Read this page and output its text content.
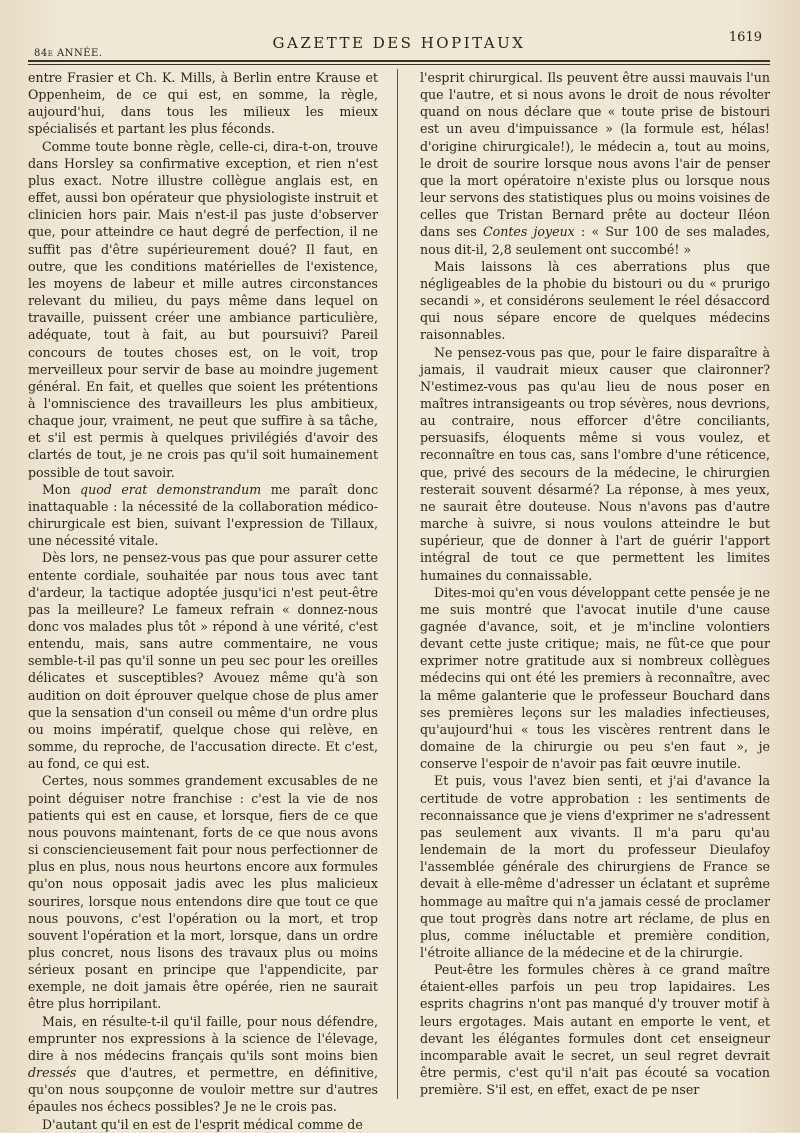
84e ANNÉE.
GAZETTE DES HOPITAUX	1619

entre Frasier et Ch. K. Mills, à Berlin entre Krause et Oppenheim, de ce qui est, en somme, la règle, aujourd'hui, dans tous les milieux les mieux spécialisés et partant les plus féconds.

Comme toute bonne règle, celle-ci, dira-t-on, trouve dans Horsley sa confirmative exception, et rien n'est plus exact. Notre illustre collègue anglais est, en effet, aussi bon opérateur que physiologiste instruit et clinicien hors pair. Mais n'est-il pas juste d'observer que, pour atteindre ce haut degré de perfection, il ne suffit pas d'être supérieurement doué? Il faut, en outre, que les conditions matérielles de l'existence, les moyens de labeur et mille autres circonstances relevant du milieu, du pays même dans lequel on travaille, puissent créer une ambiance particulière, adéquate, tout à fait, au but poursuivi? Pareil concours de toutes choses est, on le voit, trop merveilleux pour servir de base au moindre jugement général. En fait, et quelles que soient les prétentions à l'omniscience des travailleurs les plus ambitieux, chaque jour, vraiment, ne peut que suffire à sa tâche, et s'il est permis à quelques privilégiés d'avoir des clartés de tout, je ne crois pas qu'il soit humainement possible de tout savoir.

Mon quod erat demonstrandum me paraît donc inattaquable : la nécessité de la collaboration médico-chirurgicale est bien, suivant l'expression de Tillaux, une nécessité vitale.

Dès lors, ne pensez-vous pas que pour assurer cette entente cordiale, souhaitée par nous tous avec tant d'ardeur, la tactique adoptée jusqu'ici n'est peut-être pas la meilleure? Le fameux refrain « donnez-nous donc vos malades plus tôt » répond à une vérité, c'est entendu, mais, sans autre commentaire, ne vous semble-t-il pas qu'il sonne un peu sec pour les oreilles délicates et susceptibles? Avouez même qu'à son audition on doit éprouver quelque chose de plus amer que la sensation d'un conseil ou même d'un ordre plus ou moins impératif, quelque chose qui relève, en somme, du reproche, de l'accusation directe. Et c'est, au fond, ce qui est.

Certes, nous sommes grandement excusables de ne point déguiser notre franchise : c'est la vie de nos patients qui est en cause, et lorsque, fiers de ce que nous pouvons maintenant, forts de ce que nous avons si consciencieusement fait pour nous perfectionner de plus en plus, nous nous heurtons encore aux formules qu'on nous opposait jadis avec les plus malicieux sourires, lorsque nous entendons dire que tout ce que nous pouvons, c'est l'opération ou la mort, et trop souvent l'opération et la mort, lorsque, dans un ordre plus concret, nous lisons des travaux plus ou moins sérieux posant en principe que l'appendicite, par exemple, ne doit jamais être opérée, rien ne saurait être plus horripilant.

Mais, en résulte-t-il qu'il faille, pour nous défendre, emprunter nos expressions à la science de l'élevage, dire à nos médecins français qu'ils sont moins bien dressés que d'autres, et permettre, en définitive, qu'on nous soupçonne de vouloir mettre sur d'autres épaules nos échecs possibles? Je ne le crois pas.

D'autant qu'il en est de l'esprit médical comme de

l'esprit chirurgical. Ils peuvent être aussi mauvais l'un que l'autre, et si nous avons le droit de nous révolter quand on nous déclare que « toute prise de bistouri est un aveu d'impuissance » (la formule est, hélas! d'origine chirurgicale!), le médecin a, tout au moins, le droit de sourire lorsque nous avons l'air de penser que la mort opératoire n'existe plus ou lorsque nous leur servons des statistiques plus ou moins voisines de celles que Tristan Bernard prête au docteur Iléon dans ses Contes joyeux : « Sur 100 de ses malades, nous dit-il, 2,8 seulement ont succombé! »

Mais laissons là ces aberrations plus que négligeables de la phobie du bistouri ou du « prurigo secandi », et considérons seulement le réel désaccord qui nous sépare encore de quelques médecins raisonnables.

Ne pensez-vous pas que, pour le faire disparaître à jamais, il vaudrait mieux causer que claironner? N'estimez-vous pas qu'au lieu de nous poser en maîtres intransigeants ou trop sévères, nous devrions, au contraire, nous efforcer d'être conciliants, persuasifs, éloquents même si vous voulez, et reconnaître en tous cas, sans l'ombre d'une réticence, que, privé des secours de la médecine, le chirurgien resterait souvent désarmé? La réponse, à mes yeux, ne saurait être douteuse. Nous n'avons pas d'autre marche à suivre, si nous voulons atteindre le but supérieur, que de donner à l'art de guérir l'apport intégral de tout ce que permettent les limites humaines du connaissable.

Dites-moi qu'en vous développant cette pensée je ne me suis montré que l'avocat inutile d'une cause gagnée d'avance, soit, et je m'incline volontiers devant cette juste critique; mais, ne fût-ce que pour exprimer notre gratitude aux si nombreux collègues médecins qui ont été les premiers à reconnaître, avec la même galanterie que le professeur Bouchard dans ses premières leçons sur les maladies infectieuses, qu'aujourd'hui « tous les viscères rentrent dans le domaine de la chirurgie ou peu s'en faut », je conserve l'espoir de n'avoir pas fait œuvre inutile.

Et puis, vous l'avez bien senti, et j'ai d'avance la certitude de votre approbation : les sentiments de reconnaissance que je viens d'exprimer ne s'adressent pas seulement aux vivants. Il m'a paru qu'au lendemain de la mort du professeur Dieulafoy l'assemblée générale des chirurgiens de France se devait à elle-même d'adresser un éclatant et suprême hommage au maître qui n'a jamais cessé de proclamer que tout progrès dans notre art réclame, de plus en plus, comme inéluctable et première condition, l'étroite alliance de la médecine et de la chirurgie.

Peut-être les formules chères à ce grand maître étaient-elles parfois un peu trop lapidaires. Les esprits chagrins n'ont pas manqué d'y trouver motif à leurs ergotages. Mais autant en emporte le vent, et devant les élégantes formules dont cet enseigneur incomparable avait le secret, un seul regret devrait être permis, c'est qu'il n'ait pas écouté sa vocation première. S'il est, en effet, exact de pe nser
